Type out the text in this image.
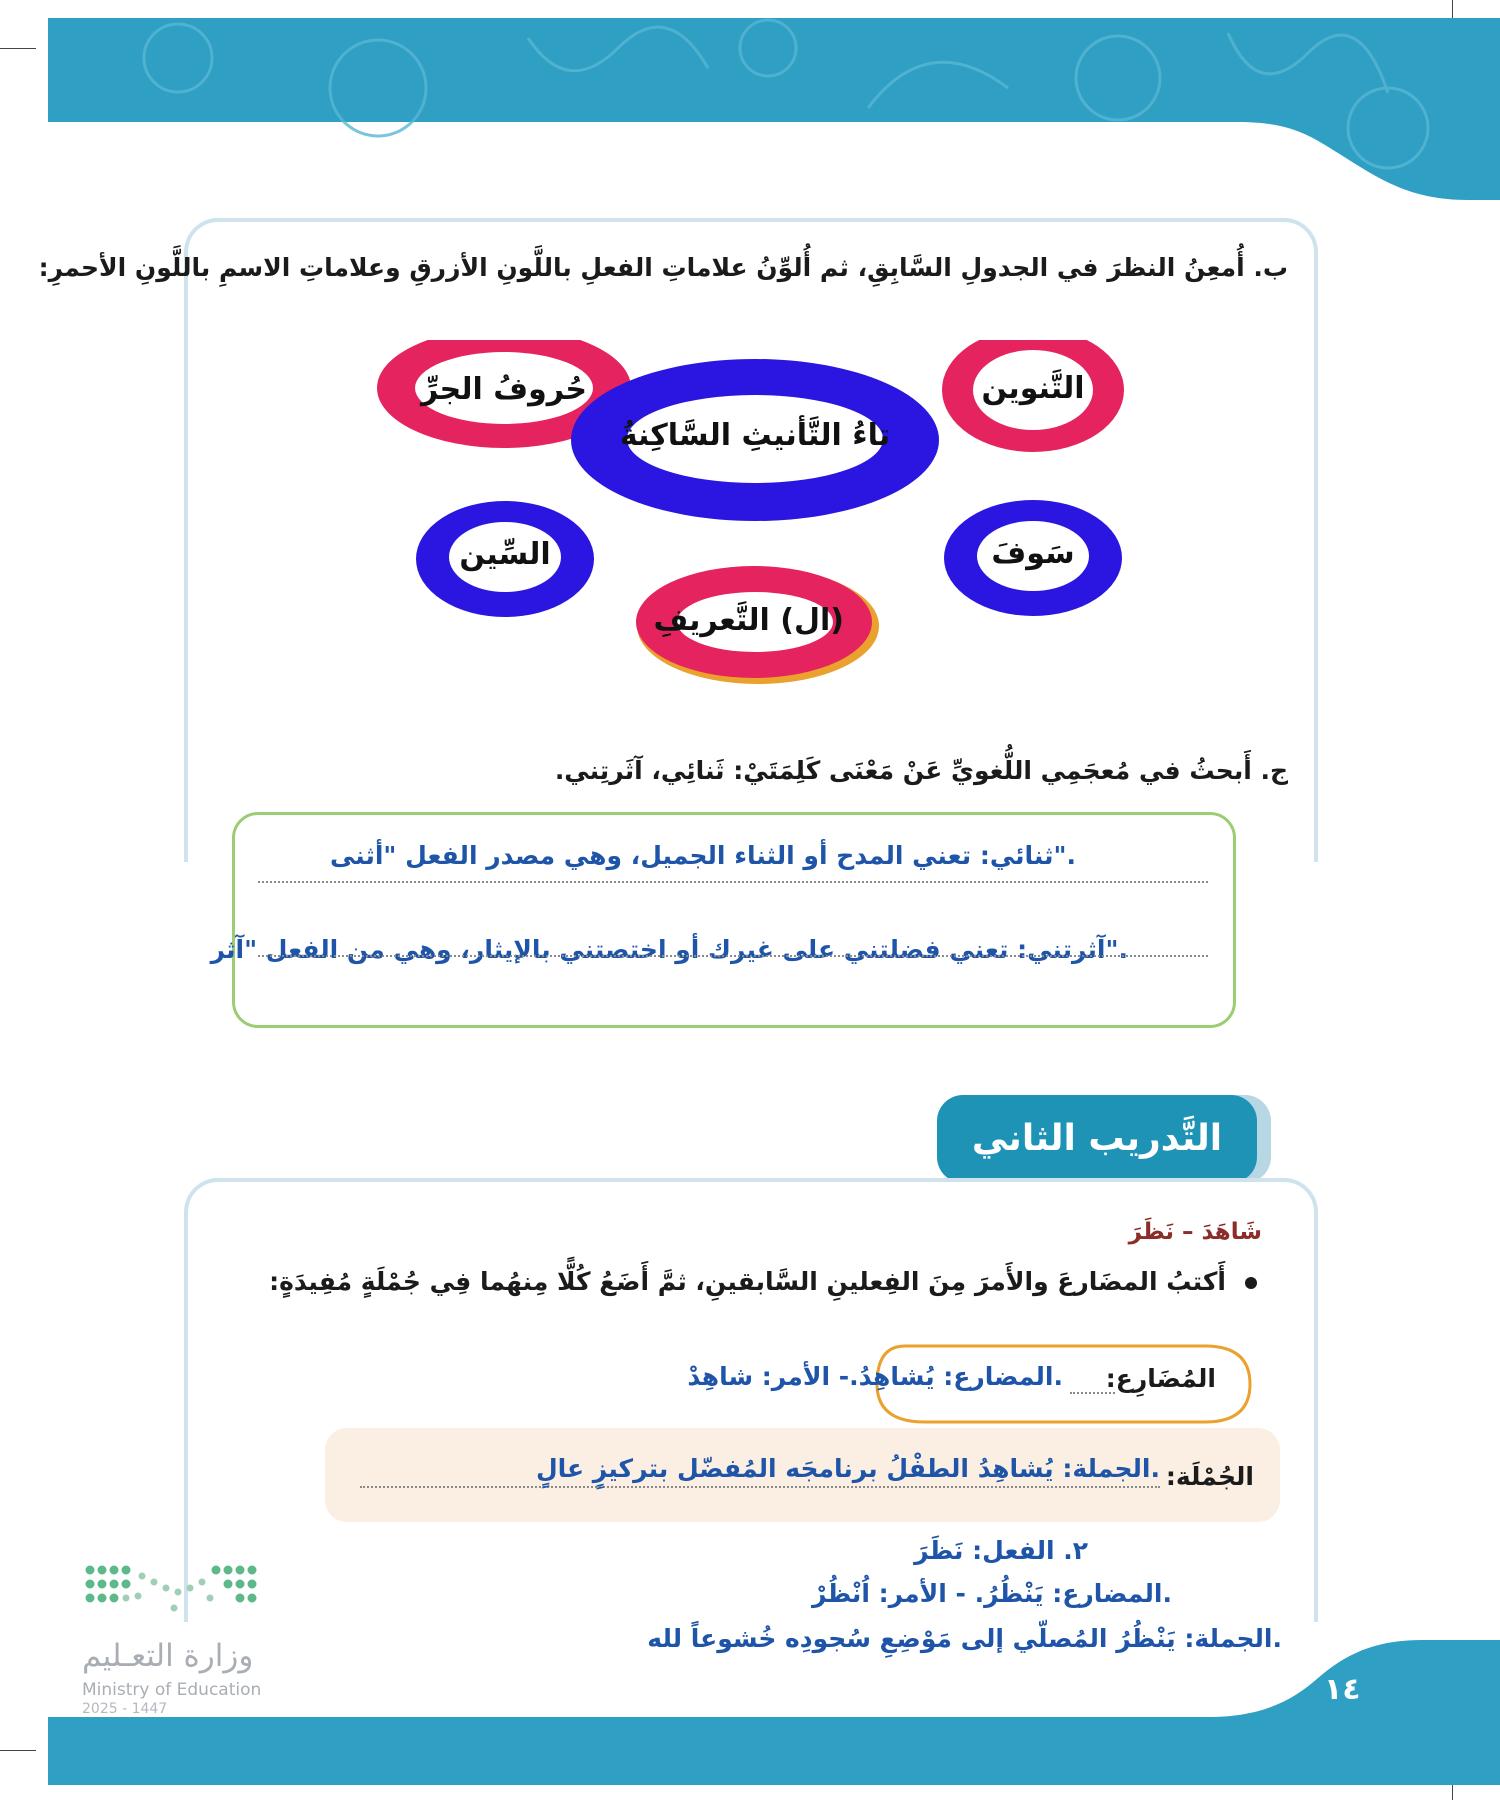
ب. أُمعِنُ النظرَ في الجدولِ السَّابِقِ، ثم أُلوِّنُ علاماتِ الفعلِ باللَّونِ الأزرقِ وعلاماتِ الاسمِ باللَّونِ الأحمرِ:
حُروفُ الجرِّ	التَّنوين
تاءُ التَّأنيثِ السَّاكِنةُ
السِّين	سَوفَ
(ال) التَّعريفِ
ج. أَبحثُ في مُعجَمِي اللُّغويِّ عَنْ مَعْنَى كَلِمَتَيْ: ثَنائِي، آثَرتِني.
."ثنائي: تعني المدح أو الثناء الجميل، وهي مصدر الفعل "أثنى
."آثرتني: تعني فضلتني على غيرك أو اختصتني بالإيثار، وهي من الفعل "آثر
التَّدريب الثاني
شَاهَدَ – نَظَرَ
أَكتبُ المضَارعَ والأَمرَ مِنَ الفِعلينِ السَّابقينِ، ثمَّ أَضَعُ كُلًّا مِنهُما فِي جُمْلَةٍ مُفِيدَةٍ:
المُضَارِع:
.المضارع: يُشاهِدُ.- الأمر: شاهِدْ
الجُمْلَة:
.الجملة: يُشاهِدُ الطفْلُ برنامجَه المُفضّل بتركيزٍ عالٍ
٢. الفعل: نَظَرَ
.المضارع: يَنْظُرُ. - الأمر: اُنْظُرْ
.الجملة: يَنْظُرُ المُصلّي إلى مَوْضِعِ سُجودِه خُشوعاً لله
وزارة التعـليم
Ministry of Education
2025 - 1447
١٤
